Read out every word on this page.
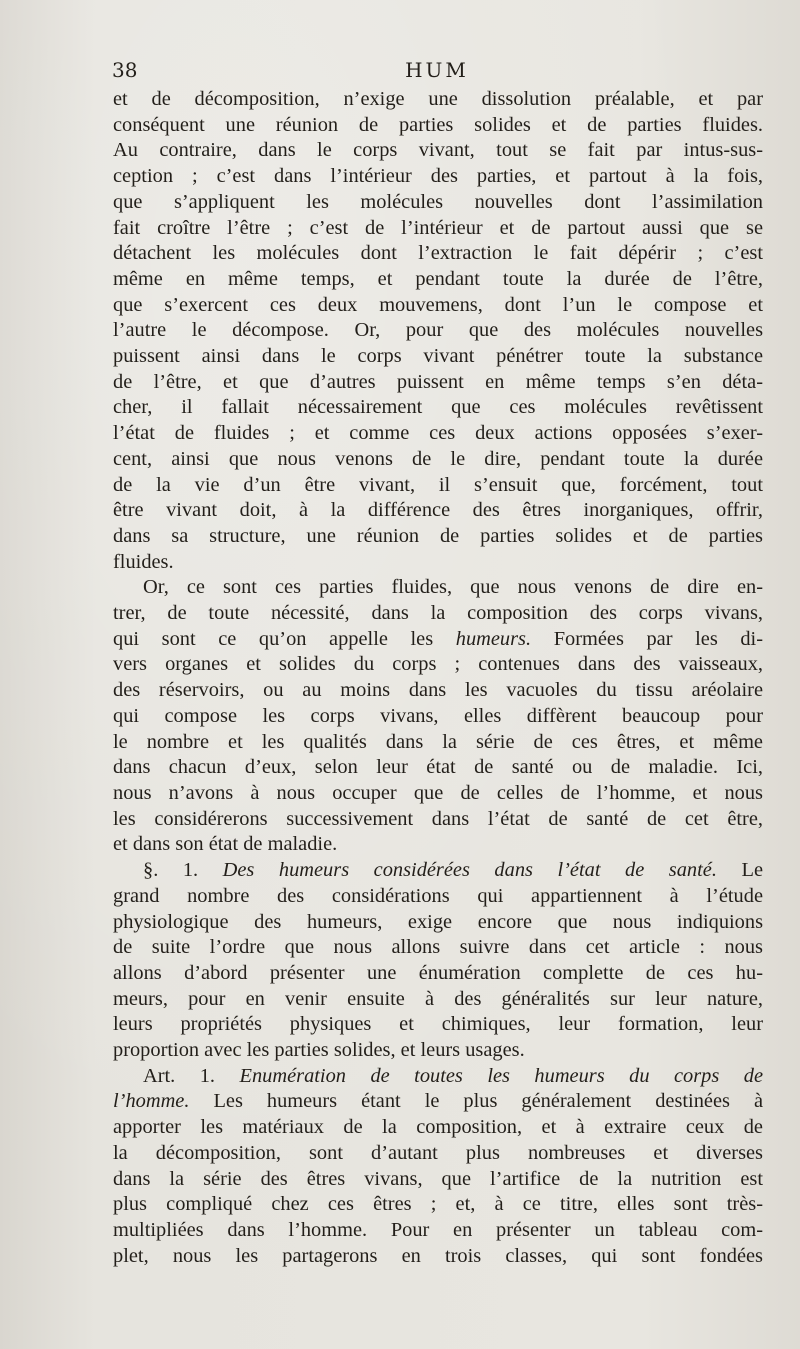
38	HUM

et de décomposition, n’exige une dissolution préalable, et par
conséquent une réunion de parties solides et de parties fluides.
Au contraire, dans le corps vivant, tout se fait par intus-sus-
ception ; c’est dans l’intérieur des parties, et partout à la fois,
que s’appliquent les molécules nouvelles dont l’assimilation
fait croître l’être ; c’est de l’intérieur et de partout aussi que se
détachent les molécules dont l’extraction le fait dépérir ; c’est
même en même temps, et pendant toute la durée de l’être,
que s’exercent ces deux mouvemens, dont l’un le compose et
l’autre le décompose. Or, pour que des molécules nouvelles
puissent ainsi dans le corps vivant pénétrer toute la substance
de l’être, et que d’autres puissent en même temps s’en déta-
cher, il fallait nécessairement que ces molécules revêtissent
l’état de fluides ; et comme ces deux actions opposées s’exer-
cent, ainsi que nous venons de le dire, pendant toute la durée
de la vie d’un être vivant, il s’ensuit que, forcément, tout
être vivant doit, à la différence des êtres inorganiques, offrir,
dans sa structure, une réunion de parties solides et de parties
fluides.

Or, ce sont ces parties fluides, que nous venons de dire en-
trer, de toute nécessité, dans la composition des corps vivans,
qui sont ce qu’on appelle les humeurs. Formées par les di-
vers organes et solides du corps ; contenues dans des vaisseaux,
des réservoirs, ou au moins dans les vacuoles du tissu aréolaire
qui compose les corps vivans, elles diffèrent beaucoup pour
le nombre et les qualités dans la série de ces êtres, et même
dans chacun d’eux, selon leur état de santé ou de maladie. Ici,
nous n’avons à nous occuper que de celles de l’homme, et nous
les considérerons successivement dans l’état de santé de cet être,
et dans son état de maladie.

§. 1. Des humeurs considérées dans l’état de santé. Le
grand nombre des considérations qui appartiennent à l’étude
physiologique des humeurs, exige encore que nous indiquions
de suite l’ordre que nous allons suivre dans cet article : nous
allons d’abord présenter une énumération complette de ces hu-
meurs, pour en venir ensuite à des généralités sur leur nature,
leurs propriétés physiques et chimiques, leur formation, leur
proportion avec les parties solides, et leurs usages.

Art. 1. Enumération de toutes les humeurs du corps de
l’homme. Les humeurs étant le plus généralement destinées à
apporter les matériaux de la composition, et à extraire ceux de
la décomposition, sont d’autant plus nombreuses et diverses
dans la série des êtres vivans, que l’artifice de la nutrition est
plus compliqué chez ces êtres ; et, à ce titre, elles sont très-
multipliées dans l’homme. Pour en présenter un tableau com-
plet, nous les partagerons en trois classes, qui sont fondées
